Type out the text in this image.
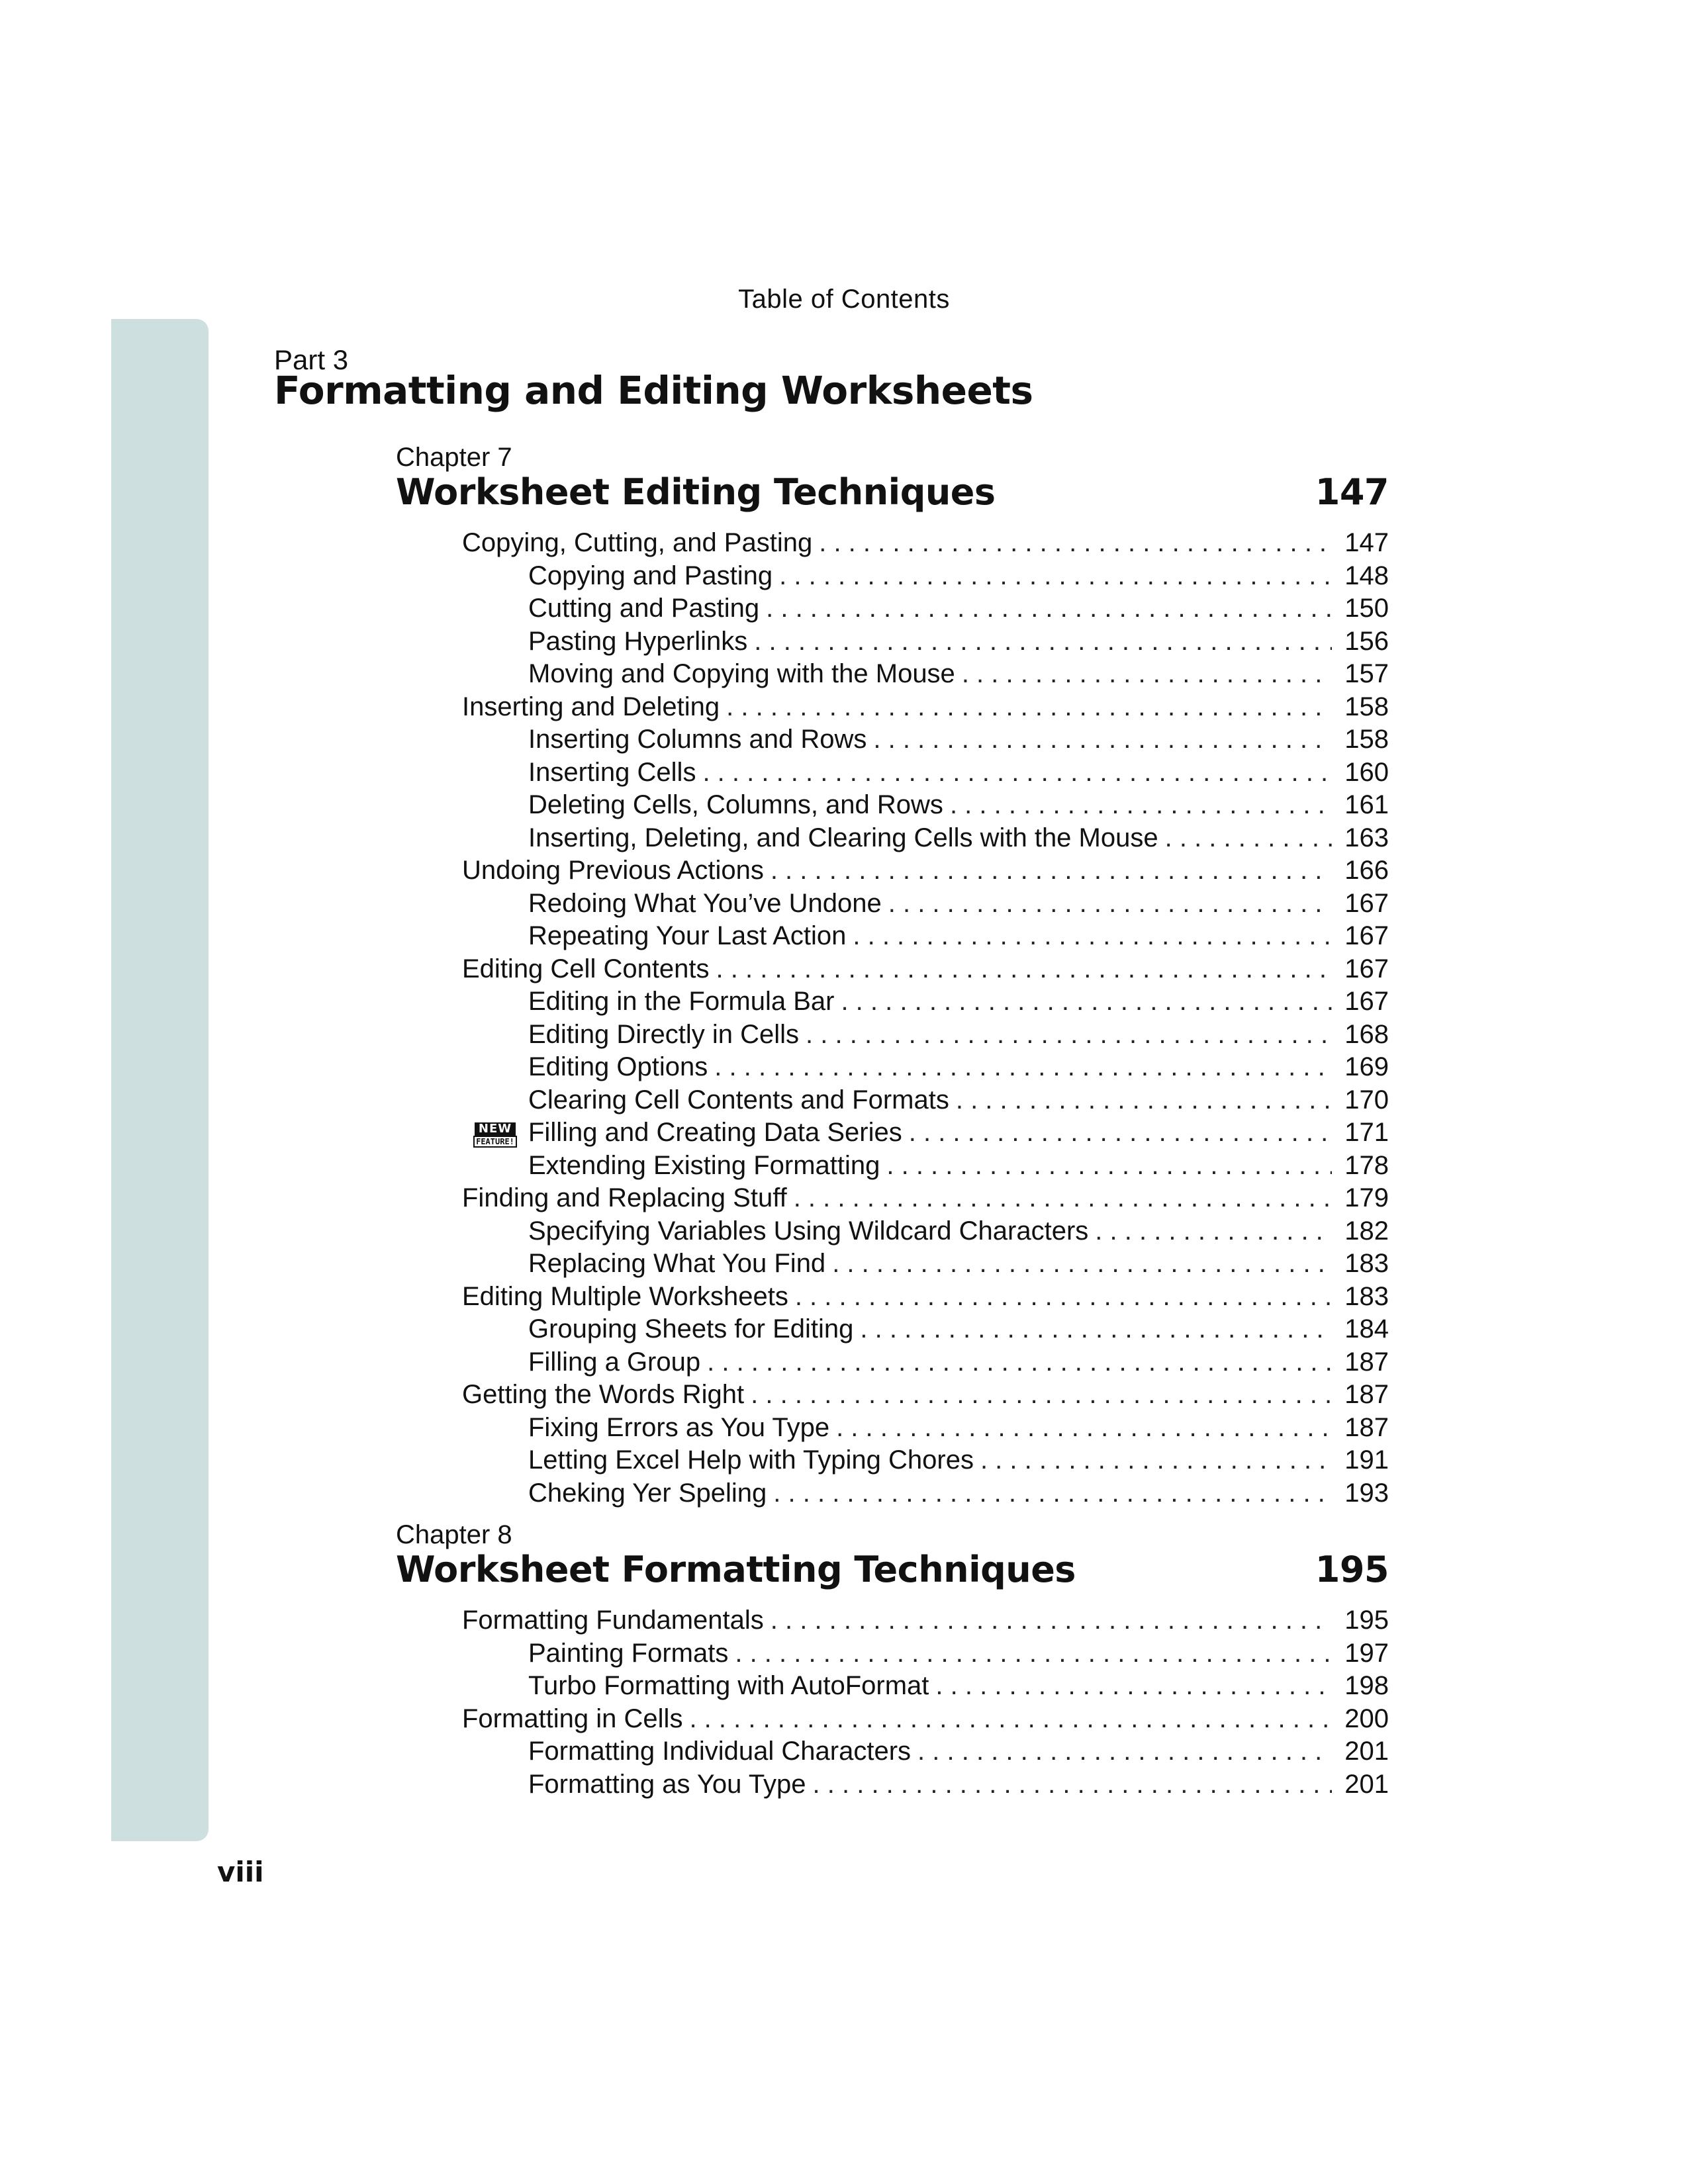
Table of Contents
Part 3
Formatting and Editing Worksheets
Chapter 7
Worksheet Editing Techniques	147
Copying, Cutting, and Pasting . . .	147
Copying and Pasting . . .	148
Cutting and Pasting . . .	150
Pasting Hyperlinks . . .	156
Moving and Copying with the Mouse . . .	157
Inserting and Deleting . . .	158
Inserting Columns and Rows . . .	158
Inserting Cells . . .	160
Deleting Cells, Columns, and Rows . . .	161
Inserting, Deleting, and Clearing Cells with the Mouse . . .	163
Undoing Previous Actions . . .	166
Redoing What You’ve Undone . . .	167
Repeating Your Last Action . . .	167
Editing Cell Contents . . .	167
Editing in the Formula Bar . . .	167
Editing Directly in Cells . . .	168
Editing Options . . .	169
Clearing Cell Contents and Formats . . .	170
NEW
FEATURE! Filling and Creating Data Series . . .	171
Extending Existing Formatting . . .	178
Finding and Replacing Stuff . . .	179
Specifying Variables Using Wildcard Characters . . .	182
Replacing What You Find . . .	183
Editing Multiple Worksheets . . .	183
Grouping Sheets for Editing . . .	184
Filling a Group . . .	187
Getting the Words Right . . .	187
Fixing Errors as You Type . . .	187
Letting Excel Help with Typing Chores . . .	191
Cheking Yer Speling . . .	193
Chapter 8
Worksheet Formatting Techniques	195
Formatting Fundamentals . . .	195
Painting Formats . . .	197
Turbo Formatting with AutoFormat . . .	198
Formatting in Cells . . .	200
Formatting Individual Characters . . .	201
Formatting as You Type . . .	201
viii
